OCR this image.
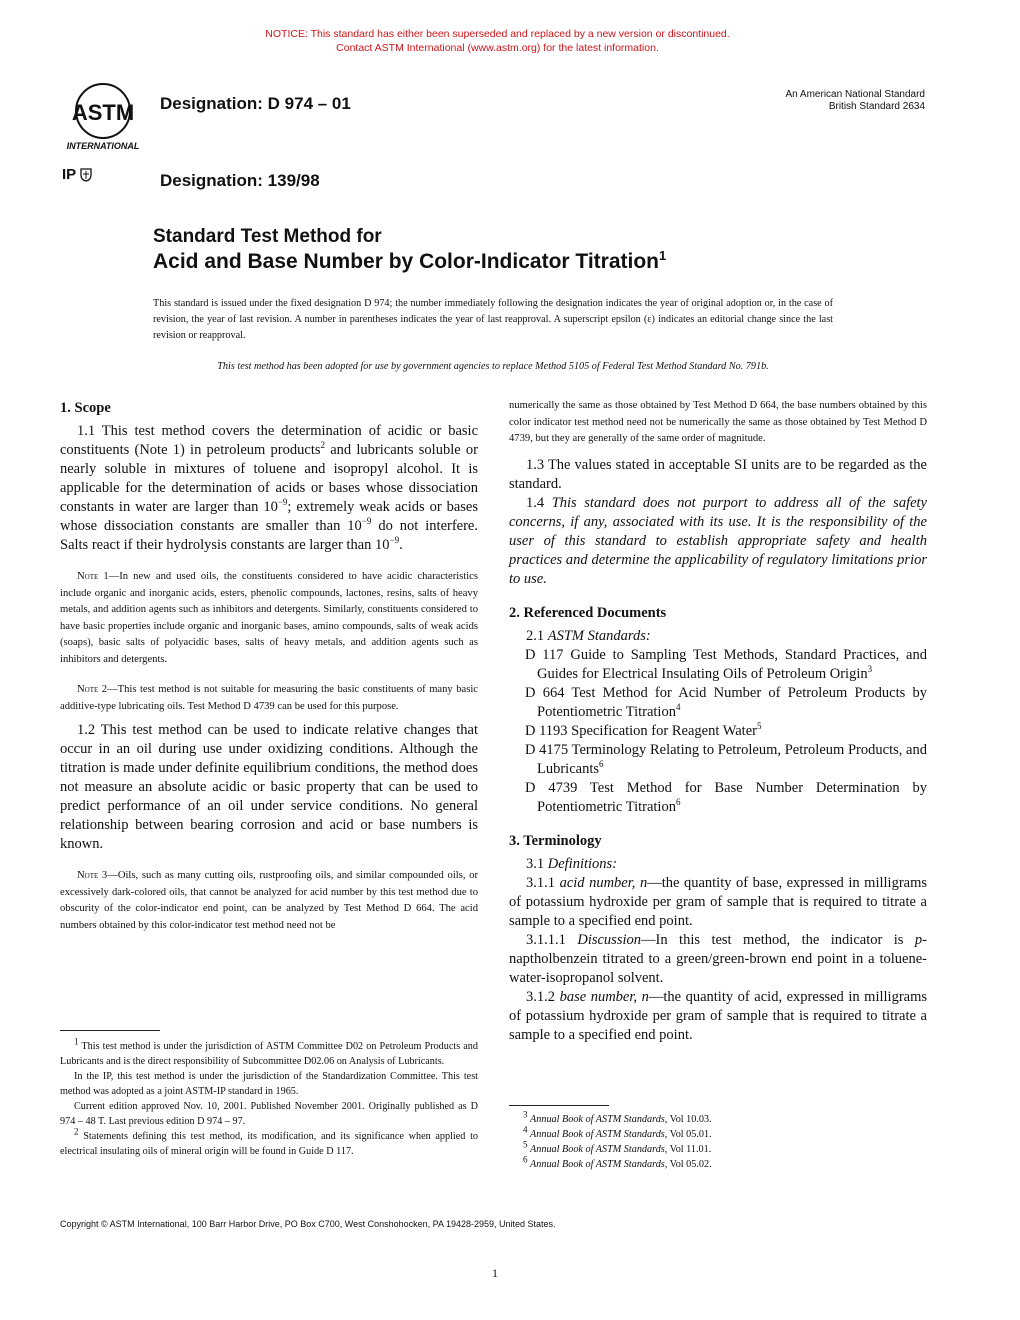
NOTICE: This standard has either been superseded and replaced by a new version or discontinued.
Contact ASTM International (www.astm.org) for the latest information.
ASTM
INTERNATIONAL
IP
Designation: D 974 – 01
Designation: 139/98
An American National Standard
British Standard 2634
Standard Test Method for
Acid and Base Number by Color-Indicator Titration$^1$
This standard is issued under the fixed designation D 974; the number immediately following the designation indicates the year of original adoption or, in the case of revision, the year of last revision. A number in parentheses indicates the year of last reapproval. A superscript epsilon (ε) indicates an editorial change since the last revision or reapproval.
This test method has been adopted for use by government agencies to replace Method 5105 of Federal Test Method Standard No. 791b.
1. Scope

1.1 This test method covers the determination of acidic or basic constituents (Note 1) in petroleum products$^2$ and lubricants soluble or nearly soluble in mixtures of toluene and isopropyl alcohol. It is applicable for the determination of acids or bases whose dissociation constants in water are larger than $10^{-9}$; extremely weak acids or bases whose dissociation constants are smaller than $10^{-9}$ do not interfere. Salts react if their hydrolysis constants are larger than $10^{-9}$.

Note 1—In new and used oils, the constituents considered to have acidic characteristics include organic and inorganic acids, esters, phenolic compounds, lactones, resins, salts of heavy metals, and addition agents such as inhibitors and detergents. Similarly, constituents considered to have basic properties include organic and inorganic bases, amino compounds, salts of weak acids (soaps), basic salts of polyacidic bases, salts of heavy metals, and addition agents such as inhibitors and detergents.

Note 2—This test method is not suitable for measuring the basic constituents of many basic additive-type lubricating oils. Test Method D 4739 can be used for this purpose.

1.2 This test method can be used to indicate relative changes that occur in an oil during use under oxidizing conditions. Although the titration is made under definite equilibrium conditions, the method does not measure an absolute acidic or basic property that can be used to predict performance of an oil under service conditions. No general relationship between bearing corrosion and acid or base numbers is known.

Note 3—Oils, such as many cutting oils, rustproofing oils, and similar compounded oils, or excessively dark-colored oils, that cannot be analyzed for acid number by this test method due to obscurity of the color-indicator end point, can be analyzed by Test Method D 664. The acid numbers obtained by this color-indicator test method need not be

$^1$ This test method is under the jurisdiction of ASTM Committee D02 on Petroleum Products and Lubricants and is the direct responsibility of Subcommittee D02.06 on Analysis of Lubricants.

In the IP, this test method is under the jurisdiction of the Standardization Committee. This test method was adopted as a joint ASTM-IP standard in 1965.

Current edition approved Nov. 10, 2001. Published November 2001. Originally published as D 974 – 48 T. Last previous edition D 974 – 97.

$^2$ Statements defining this test method, its modification, and its significance when applied to electrical insulating oils of mineral origin will be found in Guide D 117.

numerically the same as those obtained by Test Method D 664, the base numbers obtained by this color indicator test method need not be numerically the same as those obtained by Test Method D 4739, but they are generally of the same order of magnitude.

1.3 The values stated in acceptable SI units are to be regarded as the standard.

1.4 This standard does not purport to address all of the safety concerns, if any, associated with its use. It is the responsibility of the user of this standard to establish appropriate safety and health practices and determine the applicability of regulatory limitations prior to use.

2. Referenced Documents

2.1 ASTM Standards:

D 117 Guide to Sampling Test Methods, Standard Practices, and Guides for Electrical Insulating Oils of Petroleum Origin$^3$

D 664 Test Method for Acid Number of Petroleum Products by Potentiometric Titration$^4$

D 1193 Specification for Reagent Water$^5$

D 4175 Terminology Relating to Petroleum, Petroleum Products, and Lubricants$^6$

D 4739 Test Method for Base Number Determination by Potentiometric Titration$^6$

3. Terminology

3.1 Definitions:

3.1.1 acid number, n—the quantity of base, expressed in milligrams of potassium hydroxide per gram of sample that is required to titrate a sample to a specified end point.

3.1.1.1 Discussion—In this test method, the indicator is p-naptholbenzein titrated to a green/green-brown end point in a toluene-water-isopropanol solvent.

3.1.2 base number, n—the quantity of acid, expressed in milligrams of potassium hydroxide per gram of sample that is required to titrate a sample to a specified end point.

$^3$ Annual Book of ASTM Standards, Vol 10.03.

$^4$ Annual Book of ASTM Standards, Vol 05.01.

$^5$ Annual Book of ASTM Standards, Vol 11.01.

$^6$ Annual Book of ASTM Standards, Vol 05.02.

Copyright © ASTM International, 100 Barr Harbor Drive, PO Box C700, West Conshohocken, PA 19428-2959, United States.
1
